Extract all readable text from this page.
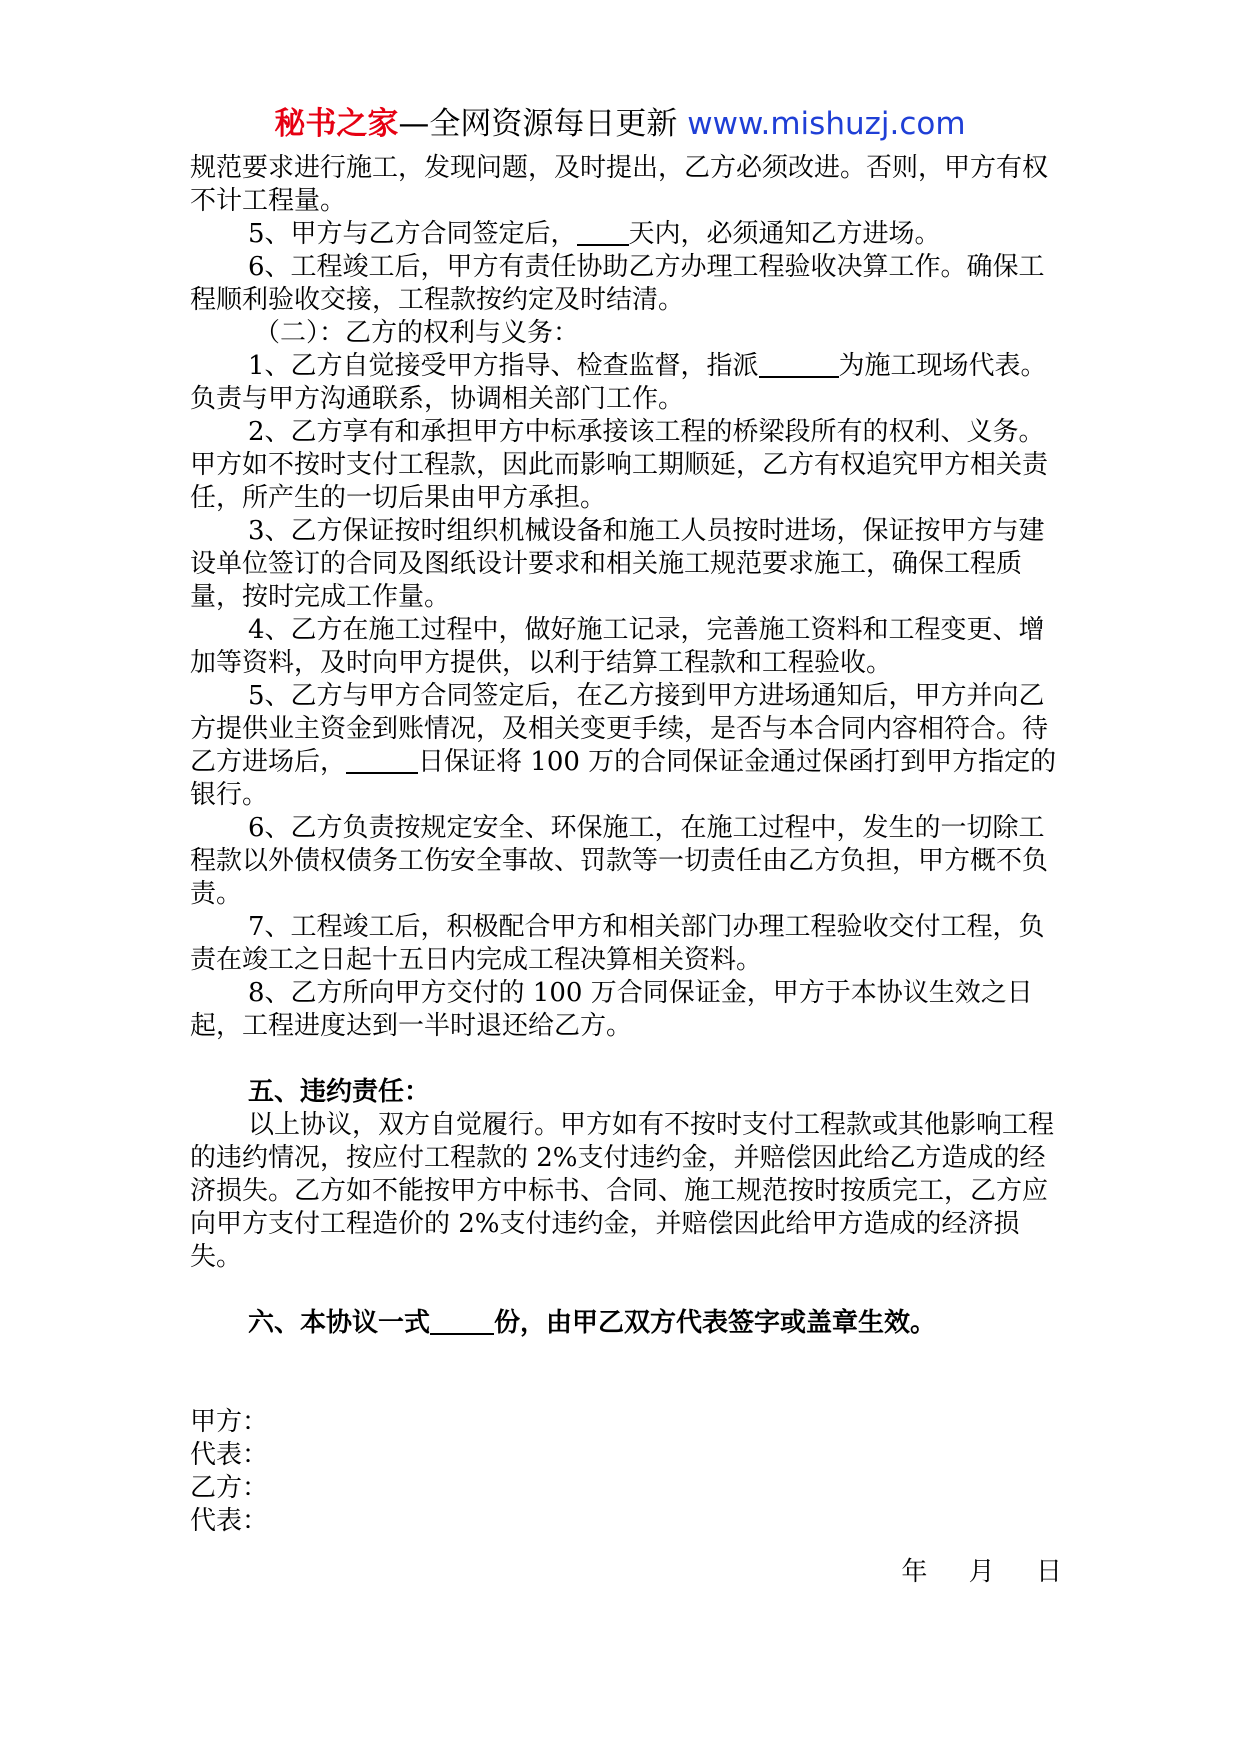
秘书之家—全网资源每日更新 www.mishuzj.com

规范要求进行施工，发现问题，及时提出，乙方必须改进。否则，甲方有权不计工程量。

5、甲方与乙方合同签定后， 天内，必须通知乙方进场。

6、工程竣工后，甲方有责任协助乙方办理工程验收决算工作。确保工程顺利验收交接，工程款按约定及时结清。

（二）：乙方的权利与义务：

1、乙方自觉接受甲方指导、检查监督，指派	为施工现场代表。负责与甲方沟通联系，协调相关部门工作。

2、乙方享有和承担甲方中标承接该工程的桥梁段所有的权利、义务。甲方如不按时支付工程款，因此而影响工期顺延，乙方有权追究甲方相关责任，所产生的一切后果由甲方承担。

3、乙方保证按时组织机械设备和施工人员按时进场，保证按甲方与建设单位签订的合同及图纸设计要求和相关施工规范要求施工，确保工程质量，按时完成工作量。

4、乙方在施工过程中，做好施工记录，完善施工资料和工程变更、增加等资料，及时向甲方提供，以利于结算工程款和工程验收。

5、乙方与甲方合同签定后，在乙方接到甲方进场通知后，甲方并向乙方提供业主资金到账情况，及相关变更手续，是否与本合同内容相符合。待乙方进场后，	日保证将 100 万的合同保证金通过保函打到甲方指定的银行。

6、乙方负责按规定安全、环保施工，在施工过程中，发生的一切除工程款以外债权债务工伤安全事故、罚款等一切责任由乙方负担，甲方概不负责。

7、工程竣工后，积极配合甲方和相关部门办理工程验收交付工程，负责在竣工之日起十五日内完成工程决算相关资料。

8、乙方所向甲方交付的 100 万合同保证金，甲方于本协议生效之日起，工程进度达到一半时退还给乙方。

五、违约责任：

以上协议，双方自觉履行。甲方如有不按时支付工程款或其他影响工程的违约情况，按应付工程款的 2%支付违约金，并赔偿因此给乙方造成的经济损失。乙方如不能按甲方中标书、合同、施工规范按时按质完工，乙方应向甲方支付工程造价的 2%支付违约金，并赔偿因此给甲方造成的经济损失。

六、本协议一式 份，由甲乙双方代表签字或盖章生效。

甲方：

代表：

乙方：

代表：

年     月     日
